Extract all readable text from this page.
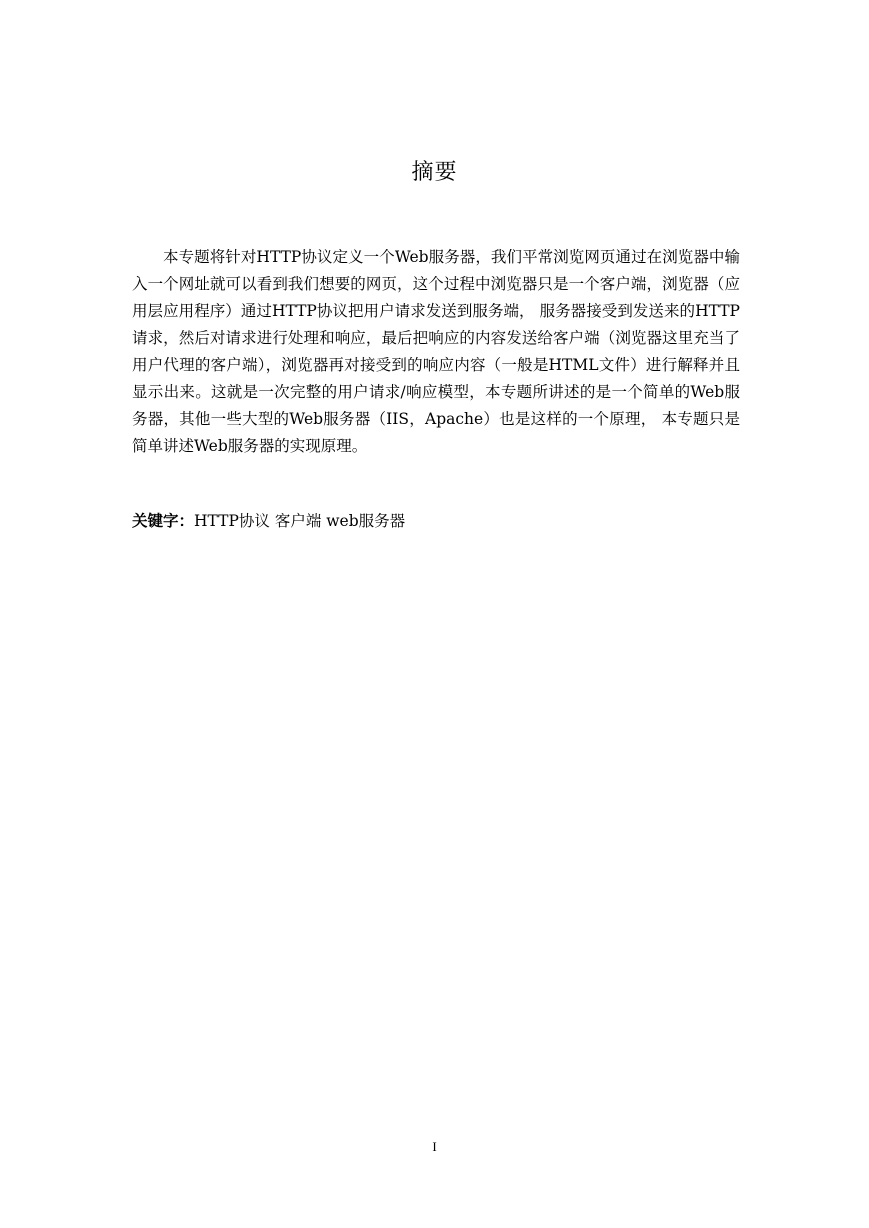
摘要

本专题将针对HTTP协议定义一个Web服务器，我们平常浏览网页通过在浏览器中输入一个网址就可以看到我们想要的网页，这个过程中浏览器只是一个客户端，浏览器（应用层应用程序）通过HTTP协议把用户请求发送到服务端， 服务器接受到发送来的HTTP请求，然后对请求进行处理和响应，最后把响应的内容发送给客户端（浏览器这里充当了用户代理的客户端），浏览器再对接受到的响应内容（一般是HTML文件）进行解释并且显示出来。这就是一次完整的用户请求/响应模型，本专题所讲述的是一个简单的Web服务器，其他一些大型的Web服务器（IIS，Apache）也是这样的一个原理， 本专题只是简单讲述Web服务器的实现原理。

关键字：HTTP协议 客户端 web服务器
I
